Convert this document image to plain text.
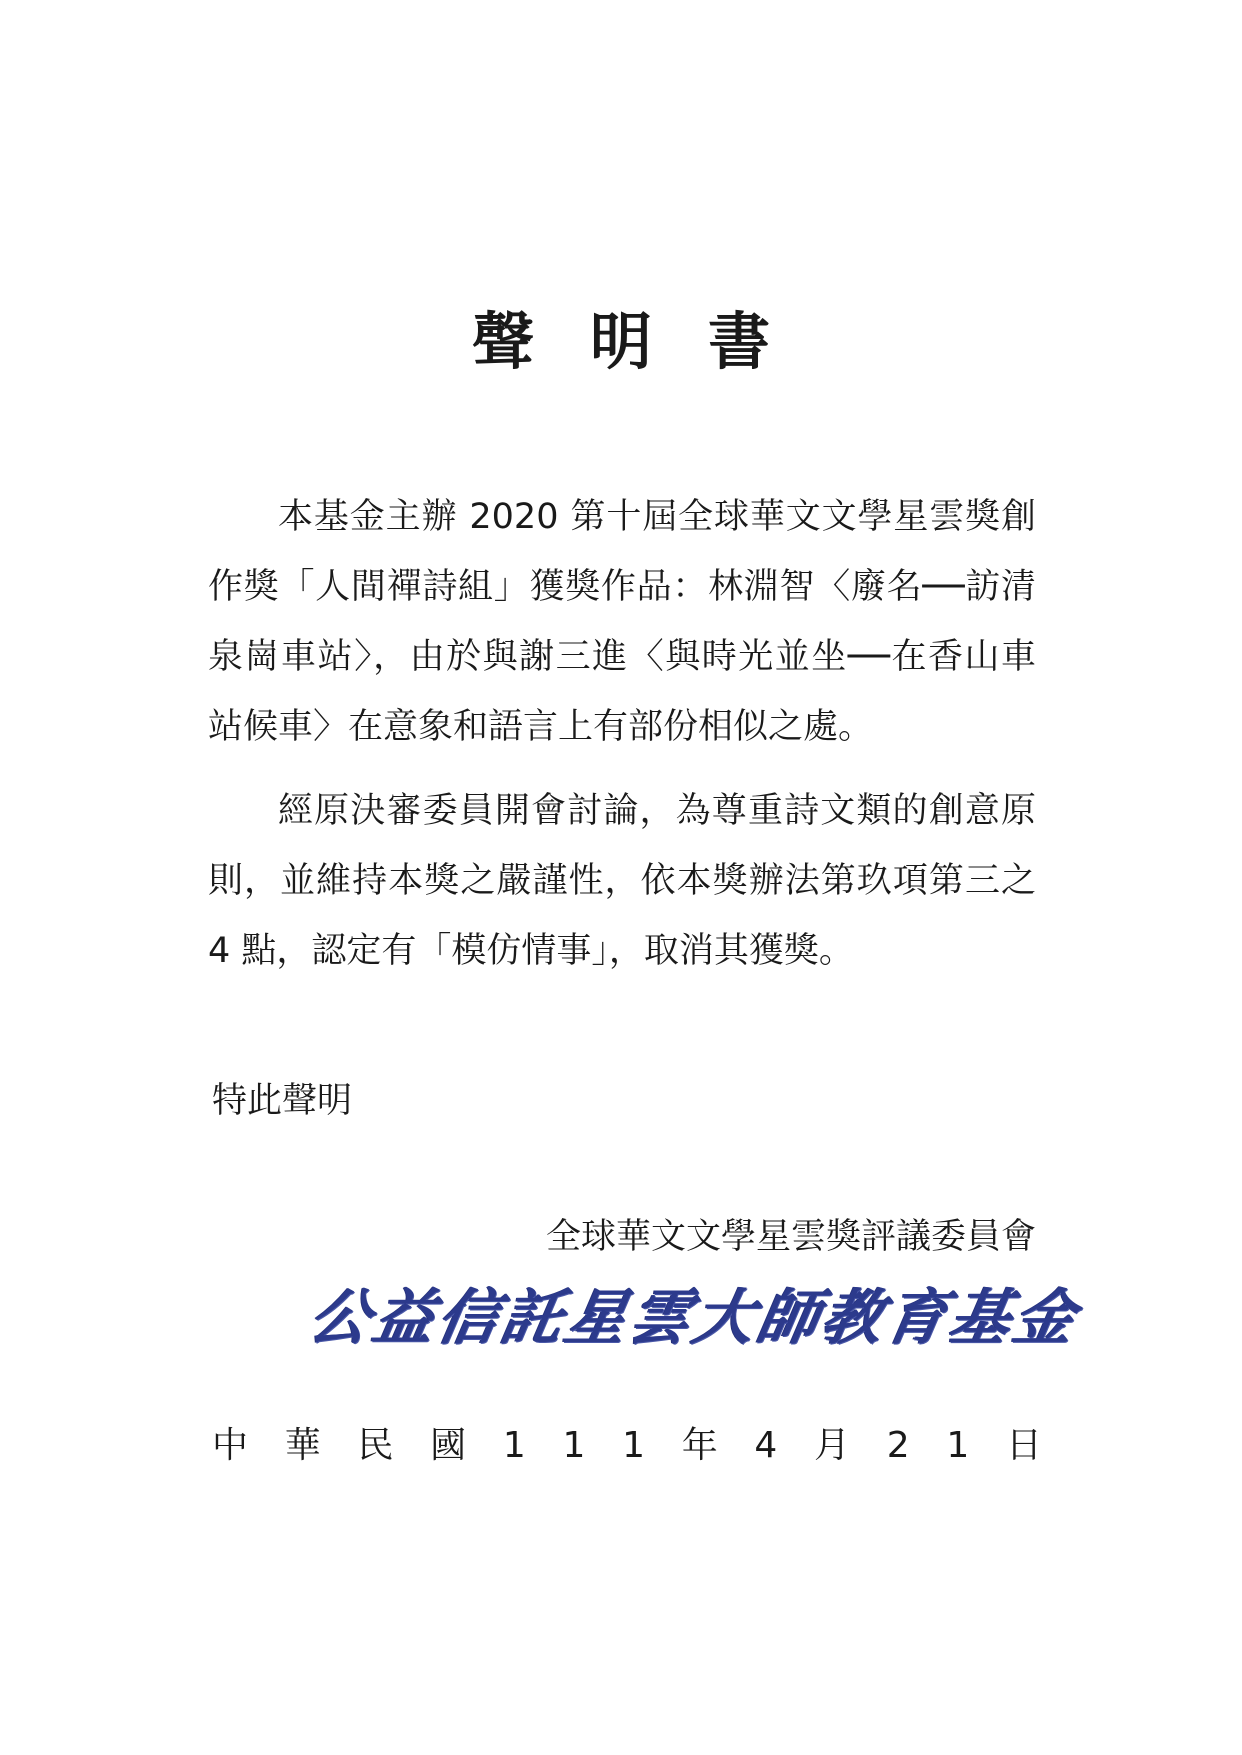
聲明書
本基金主辦 2020 第十屆全球華文文學星雲獎創
作獎「人間禪詩組」獲獎作品：林淵智〈廢名──訪清
泉崗車站〉，由於與謝三進〈與時光並坐──在香山車
站候車〉在意象和語言上有部份相似之處。
經原決審委員開會討論，為尊重詩文類的創意原
則，並維持本獎之嚴謹性，依本獎辦法第玖項第三之
4 點，認定有「模仿情事」，取消其獲獎。
特此聲明
全球華文文學星雲獎評議委員會
公益信託星雲大師教育基金
中 華 民 國 1 1 1 年 4 月 2 1 日
